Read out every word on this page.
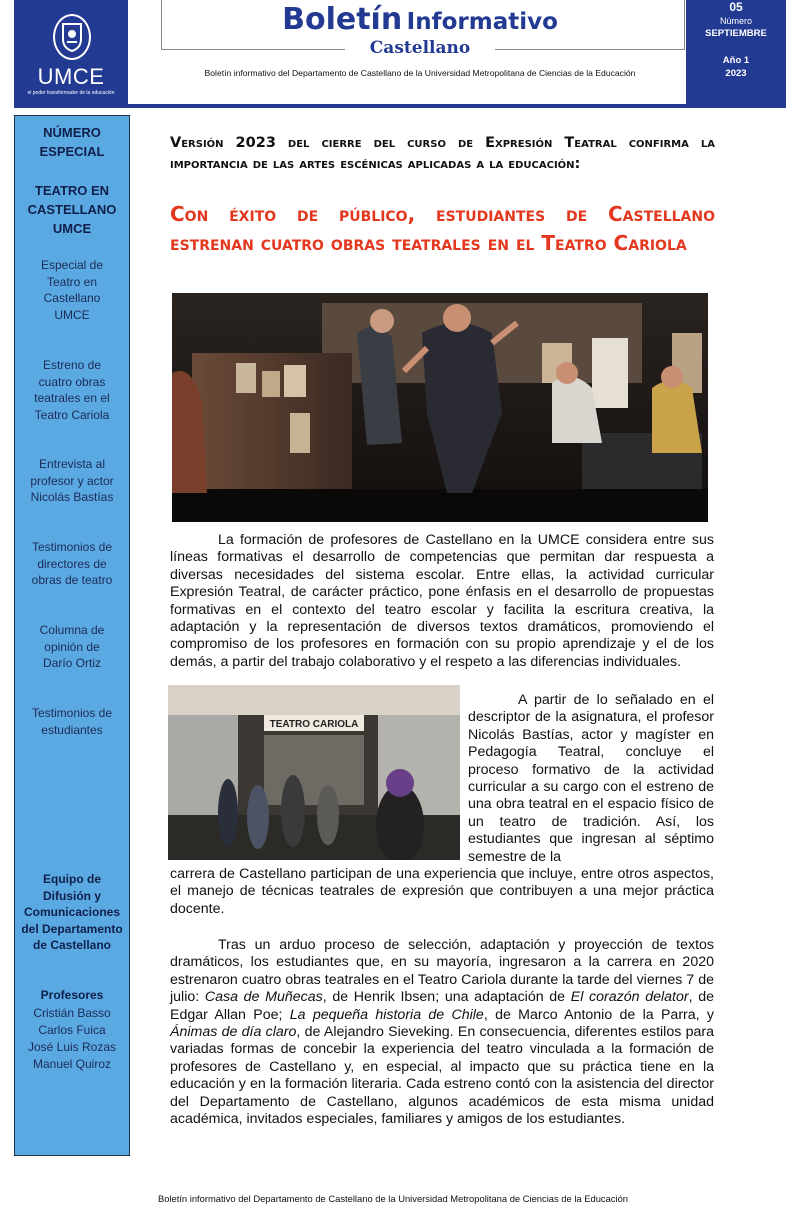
UMCE
el poder transformador de la educación
Boletín Informativo
Castellano
Boletín informativo del Departamento de Castellano de la Universidad Metropolitana de Ciencias de la Educación
05
Número
SEPTIEMBRE
Año 1
2023
NÚMERO ESPECIAL
TEATRO EN CASTELLANO UMCE
Especial de Teatro en Castellano UMCE
Estreno de cuatro obras teatrales en el Teatro Cariola
Entrevista al profesor y actor Nicolás Bastías
Testimonios de directores de obras de teatro
Columna de opinión de Darío Ortiz
Testimonios de estudiantes
Equipo de Difusión y Comunicaciones del Departamento de Castellano
Profesores
Cristián Basso
Carlos Fuica
José Luis Rozas
Manuel Quiroz
Versión 2023 del cierre del curso de Expresión Teatral confirma la importancia de las artes escénicas aplicadas a la educación:
Con éxito de público, estudiantes de Castellano estrenan cuatro obras teatrales en el Teatro Cariola
TEATRO CARIOLA
La formación de profesores de Castellano en la UMCE considera entre sus líneas formativas el desarrollo de competencias que permitan dar respuesta a diversas necesidades del sistema escolar. Entre ellas, la actividad curricular Expresión Teatral, de carácter práctico, pone énfasis en el desarrollo de propuestas formativas en el contexto del teatro escolar y facilita la escritura creativa, la adaptación y la representación de diversos textos dramáticos, promoviendo el compromiso de los profesores en formación con su propio aprendizaje y el de los demás, a partir del trabajo colaborativo y el respeto a las diferencias individuales.
A partir de lo señalado en el descriptor de la asignatura, el profesor Nicolás Bastías, actor y magíster en Pedagogía Teatral, concluye el proceso formativo de la actividad curricular a su cargo con el estreno de una obra teatral en el espacio físico de un teatro de tradición. Así, los estudiantes que ingresan al séptimo semestre de la
carrera de Castellano participan de una experiencia que incluye, entre otros aspectos, el manejo de técnicas teatrales de expresión que contribuyen a una mejor práctica docente.
Tras un arduo proceso de selección, adaptación y proyección de textos dramáticos, los estudiantes que, en su mayoría, ingresaron a la carrera en 2020 estrenaron cuatro obras teatrales en el Teatro Cariola durante la tarde del viernes 7 de julio: Casa de Muñecas, de Henrik Ibsen; una adaptación de El corazón delator, de Edgar Allan Poe; La pequeña historia de Chile, de Marco Antonio de la Parra, y Ánimas de día claro, de Alejandro Sieveking. En consecuencia, diferentes estilos para variadas formas de concebir la experiencia del teatro vinculada a la formación de profesores de Castellano y, en especial, al impacto que su práctica tiene en la educación y en la formación literaria. Cada estreno contó con la asistencia del director del Departamento de Castellano, algunos académicos de esta misma unidad académica, invitados especiales, familiares y amigos de los estudiantes.
Boletín informativo del Departamento de Castellano de la Universidad Metropolitana de Ciencias de la Educación
